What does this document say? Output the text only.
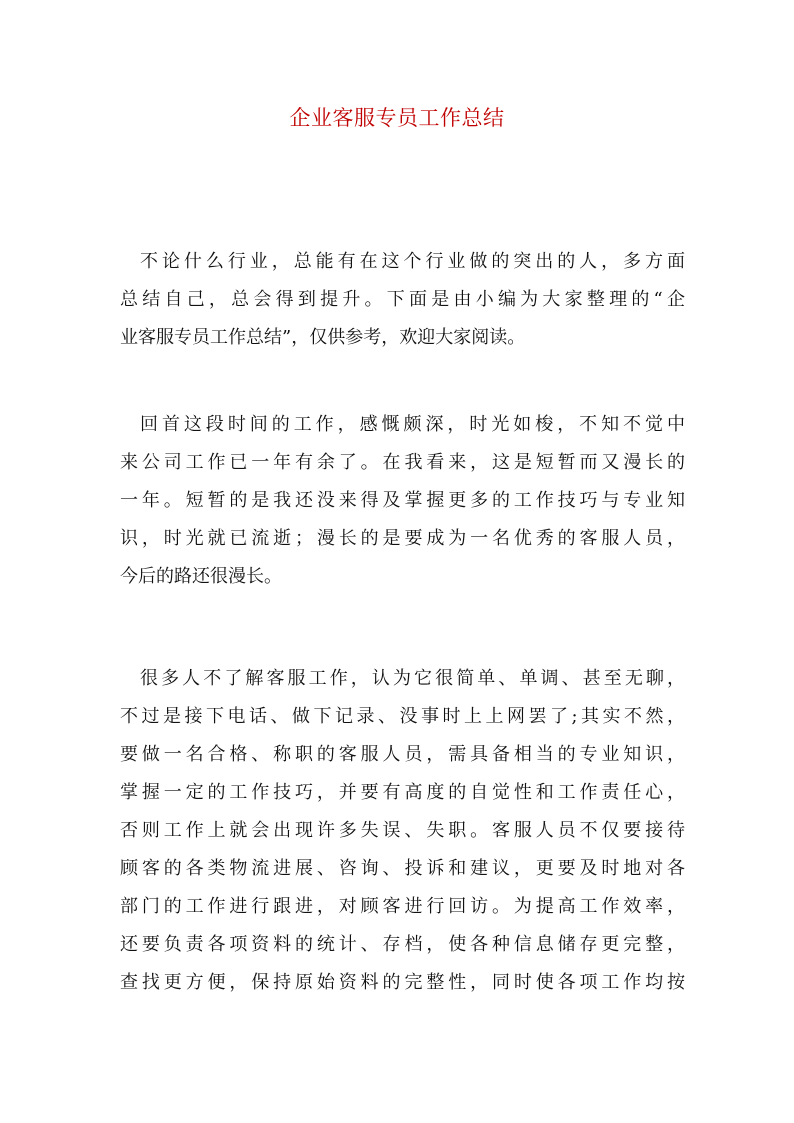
企业客服专员工作总结
不论什么行业，总能有在这个行业做的突出的人，多方面
总结自己，总会得到提升。下面是由小编为大家整理的“企
业客服专员工作总结”，仅供参考，欢迎大家阅读。
回首这段时间的工作，感慨颇深，时光如梭，不知不觉中
来公司工作已一年有余了。在我看来，这是短暂而又漫长的
一年。短暂的是我还没来得及掌握更多的工作技巧与专业知
识，时光就已流逝；漫长的是要成为一名优秀的客服人员，
今后的路还很漫长。
很多人不了解客服工作，认为它很简单、单调、甚至无聊，
不过是接下电话、做下记录、没事时上上网罢了;其实不然，
要做一名合格、称职的客服人员，需具备相当的专业知识，
掌握一定的工作技巧，并要有高度的自觉性和工作责任心，
否则工作上就会出现许多失误、失职。客服人员不仅要接待
顾客的各类物流进展、咨询、投诉和建议，更要及时地对各
部门的工作进行跟进，对顾客进行回访。为提高工作效率，
还要负责各项资料的统计、存档，使各种信息储存更完整，
查找更方便，保持原始资料的完整性，同时使各项工作均按
